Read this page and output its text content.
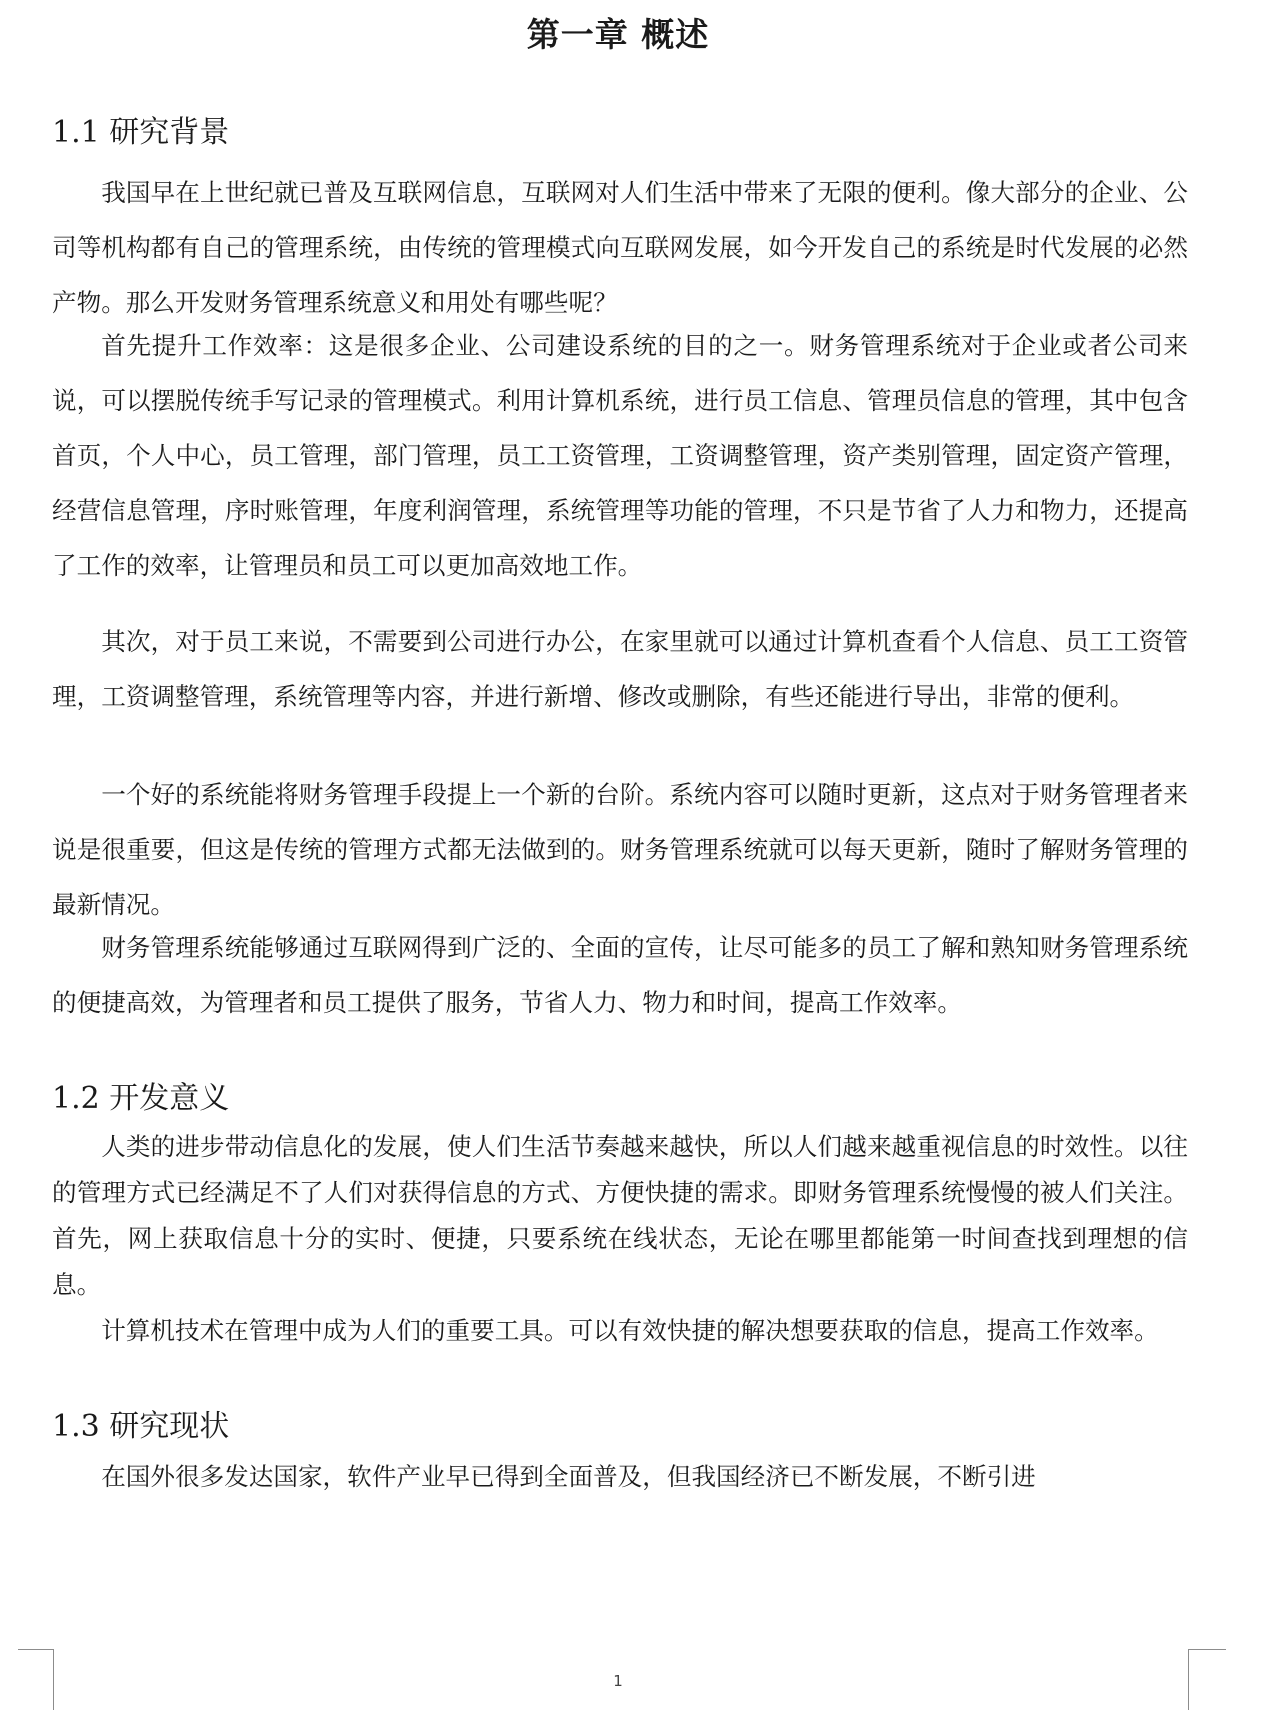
第一章 概述
1.1 研究背景

我国早在上世纪就已普及互联网信息，互联网对人们生活中带来了无限的便利。像大部分的企业、公司等机构都有自己的管理系统，由传统的管理模式向互联网发展，如今开发自己的系统是时代发展的必然产物。那么开发财务管理系统意义和用处有哪些呢？

首先提升工作效率：这是很多企业、公司建设系统的目的之一。财务管理系统对于企业或者公司来说，可以摆脱传统手写记录的管理模式。利用计算机系统，进行员工信息、管理员信息的管理，其中包含首页，个人中心，员工管理，部门管理，员工工资管理，工资调整管理，资产类别管理，固定资产管理，经营信息管理，序时账管理，年度利润管理，系统管理等功能的管理，不只是节省了人力和物力，还提高了工作的效率，让管理员和员工可以更加高效地工作。

其次，对于员工来说，不需要到公司进行办公，在家里就可以通过计算机查看个人信息、员工工资管理，工资调整管理，系统管理等内容，并进行新增、修改或删除，有些还能进行导出，非常的便利。

一个好的系统能将财务管理手段提上一个新的台阶。系统内容可以随时更新，这点对于财务管理者来说是很重要，但这是传统的管理方式都无法做到的。财务管理系统就可以每天更新，随时了解财务管理的最新情况。

财务管理系统能够通过互联网得到广泛的、全面的宣传，让尽可能多的员工了解和熟知财务管理系统的便捷高效，为管理者和员工提供了服务，节省人力、物力和时间，提高工作效率。

1.2 开发意义

人类的进步带动信息化的发展，使人们生活节奏越来越快，所以人们越来越重视信息的时效性。以往的管理方式已经满足不了人们对获得信息的方式、方便快捷的需求。即财务管理系统慢慢的被人们关注。首先，网上获取信息十分的实时、便捷，只要系统在线状态，无论在哪里都能第一时间查找到理想的信息。

计算机技术在管理中成为人们的重要工具。可以有效快捷的解决想要获取的信息，提高工作效率。

1.3 研究现状

在国外很多发达国家，软件产业早已得到全面普及，但我国经济已不断发展，不断引进

1
